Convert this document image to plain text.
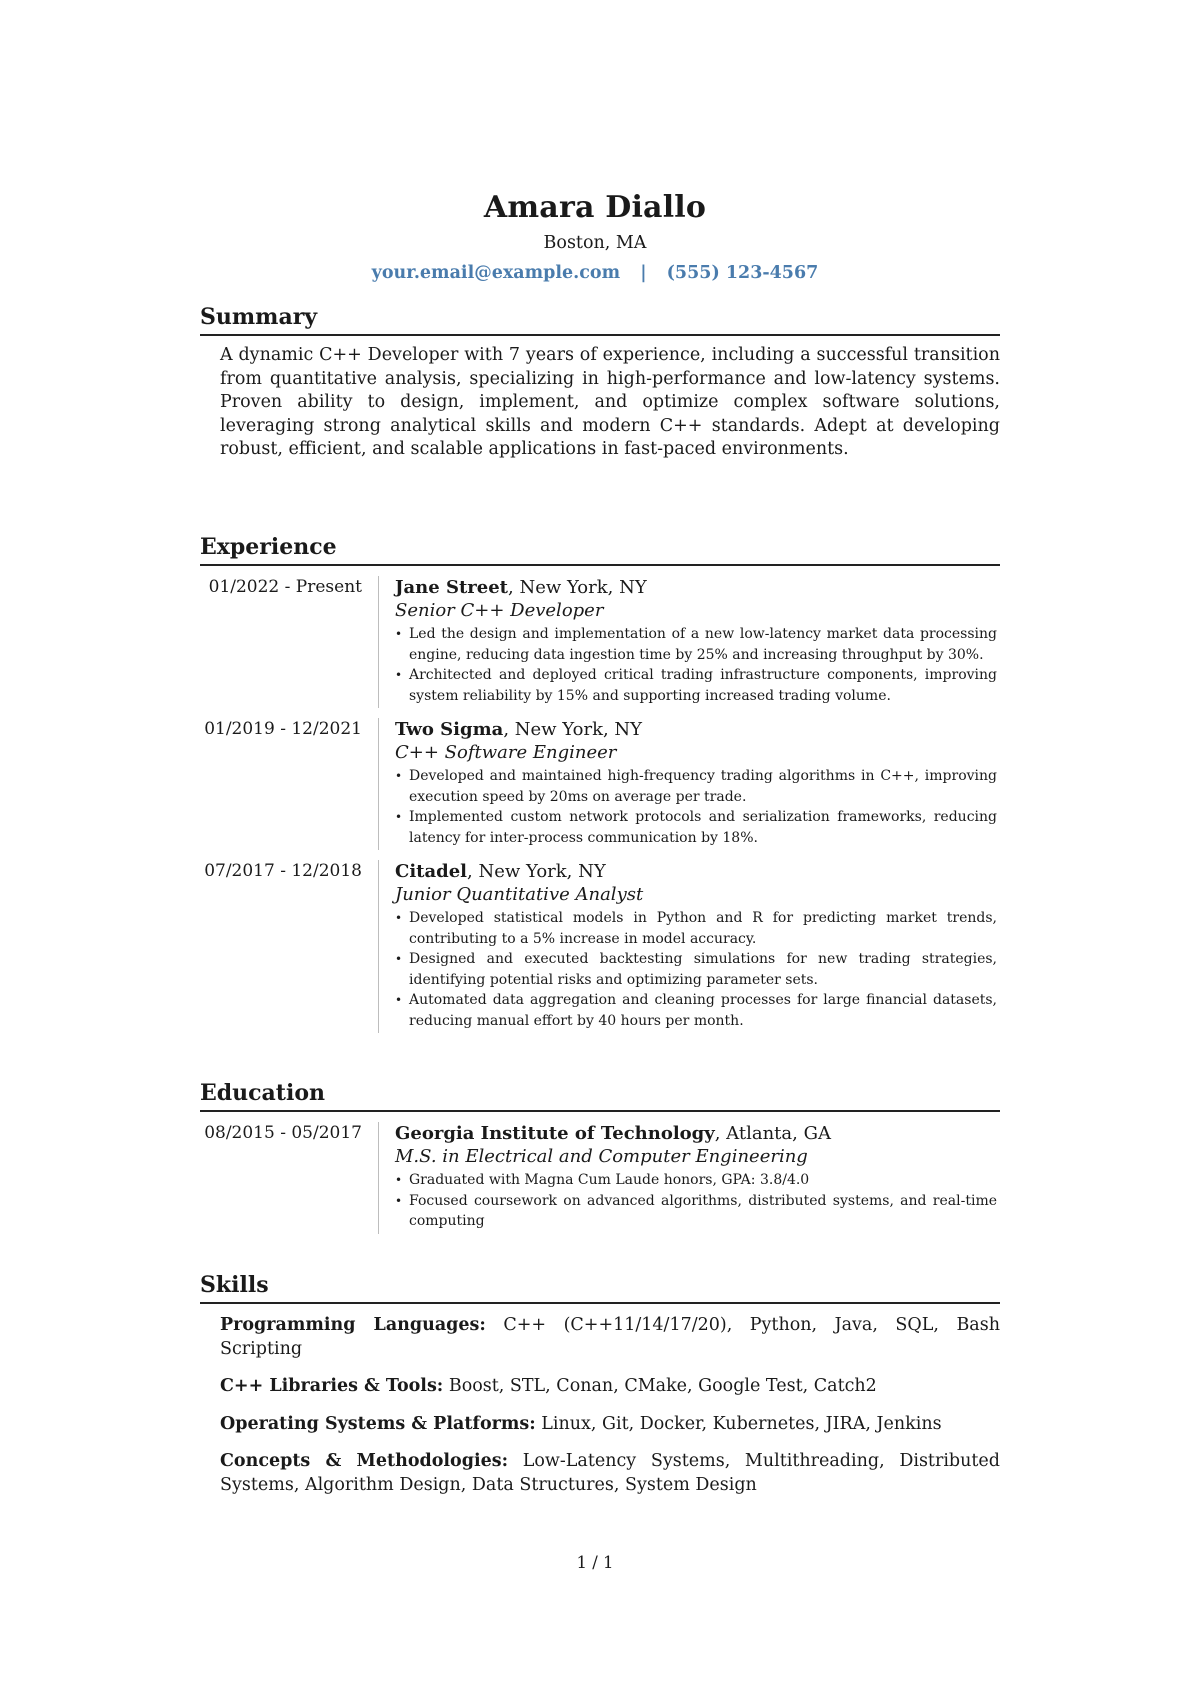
Amara Diallo
Boston, MA
your.email@example.com | (555) 123-4567
Summary
A dynamic C++ Developer with 7 years of experience, including a successful transition from quantitative analysis, specializing in high-performance and low-latency systems. Proven ability to design, implement, and optimize complex software solutions, leveraging strong analytical skills and modern C++ standards. Adept at developing robust, efficient, and scalable applications in fast-paced environments.
Experience
01/2022 - Present	Jane Street, New York, NY
Senior C++ Developer
• Led the design and implementation of a new low-latency market data processing engine, reducing data ingestion time by 25% and increasing throughput by 30%.
• Architected and deployed critical trading infrastructure components, improving system reliability by 15% and supporting increased trading volume.
01/2019 - 12/2021	Two Sigma, New York, NY
C++ Software Engineer
• Developed and maintained high-frequency trading algorithms in C++, improving execution speed by 20ms on average per trade.
• Implemented custom network protocols and serialization frameworks, reducing latency for inter-process communication by 18%.
07/2017 - 12/2018	Citadel, New York, NY
Junior Quantitative Analyst
• Developed statistical models in Python and R for predicting market trends, contributing to a 5% increase in model accuracy.
• Designed and executed backtesting simulations for new trading strategies, identifying potential risks and optimizing parameter sets.
• Automated data aggregation and cleaning processes for large financial datasets, reducing manual effort by 40 hours per month.
Education
08/2015 - 05/2017	Georgia Institute of Technology, Atlanta, GA
M.S. in Electrical and Computer Engineering
• Graduated with Magna Cum Laude honors, GPA: 3.8/4.0
• Focused coursework on advanced algorithms, distributed systems, and real-time computing
Skills
Programming Languages: C++ (C++11/14/17/20), Python, Java, SQL, Bash Scripting
C++ Libraries & Tools: Boost, STL, Conan, CMake, Google Test, Catch2
Operating Systems & Platforms: Linux, Git, Docker, Kubernetes, JIRA, Jenkins
Concepts & Methodologies: Low-Latency Systems, Multithreading, Distributed Systems, Algorithm Design, Data Structures, System Design
1 / 1
